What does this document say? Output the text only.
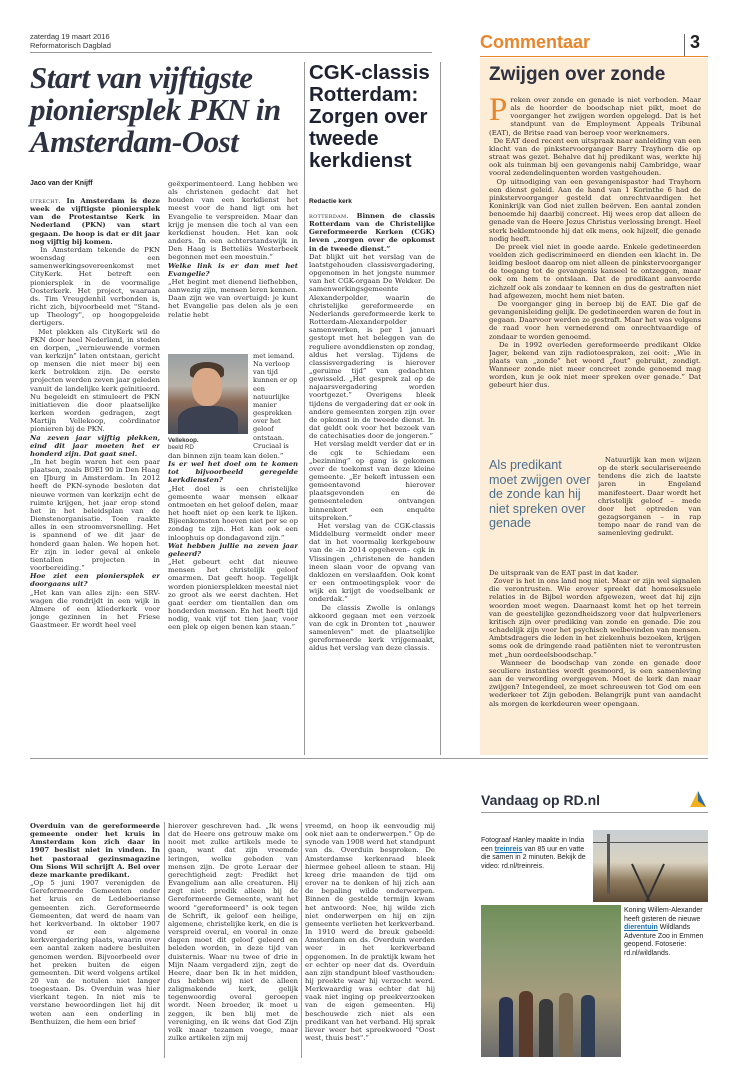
zaterdag 19 maart 2016
Reformatorisch Dagblad
Start van vijftigste pioniersplek PKN in Amsterdam-Oost
Jaco van der Knijff

utrecht. In Amsterdam is deze week de vijftigste pioniersplek van de Protestantse Kerk in Nederland (PKN) van start gegaan. De hoop is dat er dit jaar nog vijftig bij komen.

In Amsterdam tekende de PKN woensdag een samenwerkingsovereenkomst met CityKerk. Het betreft een pioniersplek in de voormalige Oosterkerk. Het project, waaraan ds. Tim Vreugdenhil verbonden is, richt zich, bijvoorbeeld met "Stand-up Theology", op hoogopgeleide dertigers.

Met plekken als CityKerk wil de PKN door heel Nederland, in steden en dorpen, „vernieuwende vormen van kerkzijn” laten ontstaan, gericht op mensen die niet meer bij een kerk betrokken zijn. De eerste projecten werden zeven jaar geleden vanuit de landelijke kerk geïnitieerd. Nu begeleidt en stimuleert de PKN initiatieven die door plaatselijke kerken worden gedragen, zegt Martijn Vellekoop, coördinator pionieren bij de PKN.

Na zeven jaar vijftig plekken, eind dit jaar moeten het er honderd zijn. Dat gaat snel.

„In het begin waren het een paar plaatsen, zoals BOEI 90 in Den Haag en IJburg in Amsterdam. In 2012 heeft de PKN-synode besloten dat nieuwe vormen van kerkzijn echt de ruimte krijgen, het jaar erop stond het in het beleidsplan van de Dienstenorganisatie. Toen raakte alles in een stroomversnelling. Het is spannend of we dit jaar de honderd gaan halen. We hopen het. Er zijn in ieder geval al enkele tientallen projecten in voorbereiding.”

Hoe ziet een pioniersplek er doorgaans uit?

„Het kan van alles zijn: een SRV-wagen die rondrijdt in een wijk in Almere of een kliederkerk voor jonge gezinnen in het Friese Gaastmeer. Er wordt heel veel

geëxperimenteerd. Lang hebben we als christenen gedacht dat het houden van een kerkdienst het meest voor de hand ligt om het Evangelie te verspreiden. Maar dan krijg je mensen die toch al van een kerkdienst houden. Het kan ook anders. In een achterstandswijk in Den Haag is Betteliës Westerbeek begonnen met een moestuin.”

Welke link is er dan met het Evangelie?

„Het begint met dienend liefhebben, aanwezig zijn, mensen leren kennen. Daan zijn we van overtuigd: je kunt het Evangelie pas delen als je een relatie hebt

Vellekoop.
beeld RD

met iemand. Na verloop van tijd kunnen er op een natuurlijke manier gesprekken over het geloof ontstaan. Cruciaal is

dan binnen zijn team kan delen.”

Is er wel het doel om te komen tot bijvoorbeeld geregelde kerkdiensten?

„Het doel is een christelijke gemeente waar mensen elkaar ontmoeten en het geloof delen, maar het hoeft niet op een kerk te lijken. Bijeenkomsten hoeven niet per se op zondag te zijn. Het kan ook een inloophuis op dondagavond zijn.”

Wat hebben jullie na zeven jaar geleerd?

„Het gebeurt echt dat nieuwe mensen het christelijk geloof omarmen. Dat geeft hoop. Tegelijk worden pioniersplekken meestal niet zo groot als we eerst dachten. Het gaat eerder om tientallen dan om honderden mensen. En het heeft tijd nodig, vaak vijf tot tien jaar, voor een plek op eigen benen kan staan.”

CGK-classis Rotterdam: Zorgen over tweede kerkdienst
Redactie kerk

rotterdam. Binnen de classis Rotterdam van de Christelijke Gereformeerde Kerken (CGK) leven „zorgen over de opkomst in de tweede dienst.”

Dat blijkt uit het verslag van de laatstgehouden classisvergadering, opgenomen in het jongste nummer van het CGK-orgaan De Wekker. De samenwerkingsgemeente Alexanderpolder, waarin de christelijke gereformeerde en Nederlands gereformeerde kerk te Rotterdam-Alexanderpolder samenwerken, is per 1 januari gestopt met het beleggen van de reguliere avonddiensten op zondag, aldus het verslag. Tijdens de classisvergadering is hierover „geruime tijd” van gedachten gewisseld. „Het gesprek zal op de najaarsvergadering worden voortgezet.” Overigens bleek tijdens de vergadering dat er ook in andere gemeenten zorgen zijn over de opkomst in de tweede dienst. In dat geldt ook voor het bezoek van de catechisaties door de jongeren.”

Het verslag meldt verder dat er in de cgk te Schiedam een „bezinning” op gang is gekomen over de toekomst van deze kleine gemeente. „Er bekeft intussen een gemeentavond hierover plaatsgevonden en de gemeenteleden ontvangen binnenkort een enquête uitspreken.”

Het verslag van de CGK-classis Middelburg vermeldt onder meer dat in het voormalig kerkgebouw van de –in 2014 opgeheven– cgk in Vlissingen „christenen de handen ineen slaan voor de opvang van daklozen en verslaafden. Ook komt er een ontmoetingsplek voor de wijk en krijgt de voedselbank er onderdak.”

De classis Zwolle is onlangs akkoord gegaan met een verzoek van de cgk in Dronten tot „nauwer samenleven” met de plaatselijke gereformeerde kerk vrijgemaakt, aldus het verslag van deze classis.

Commentaar	3
Zwijgen over zonde

Preken over zonde en genade is niet verboden. Maar als de hoorder de boodschap niet pikt, moet de voorganger het zwijgen worden opgelegd. Dat is het standpunt van de Employment Appeals Tribunal (EAT), de Britse raad van beroep voor werknemers.

De EAT deed recent een uitspraak naar aanleiding van een klacht van de pinkstervoorganger Barry Trayhorn die op straat was gezet. Behalve dat hij predikant was, werkte hij ook als tuinman bij een gevangenis nabij Cambridge, waar vooral zedendelinquenten worden vastgehouden.

Op uitnodiging van een gevangenispastor had Trayhorn een dienst geleid. Aan de hand van 1 Korinthe 6 had de pinkstervoorganger gesteld dat onrechtvaardigen het Koninkrijk van God niet zullen beërven. Een aantal zonden benoemde hij daarbij concreet. Hij wees erop dat alleen de genade van de Heere Jezus Christus verlossing brengt. Heel sterk beklemtoonde hij dat elk mens, ook hijzelf, die genade nodig heeft.

De preek viel niet in goede aarde. Enkele gedetineerden voelden zich gediscrimineerd en dienden een klacht in. De leiding besloot daarop om niet alleen de pinkstervoorganger de toegang tot de gevangenis kanseel te ontzeggen, maar ook om hem te ontslaan. Dat de predikant aanvoerde zichzelf ook als zondaar te kennen en dus de gestraften niet had afgewezen, mocht hem niet baten.

De voorganger ging in beroep bij de EAT. Die gaf de gevangenisleiding gelijk. De gedetineerden waren de fout in gegaan. Daarvoor werden ze gestraft. Maar het was volgens de raad voor hen vernederend om onrechtvaardige of zondaar te worden genoemd.

De in 1992 overleden gereformeerde predikant Okke Jager, bekend van zijn radiotoespraken, zei ooit: „Wie in plaats van „zonde” het woord „fout” gebruikt, zondigt. Wanneer zonde niet meer concreet zonde genoemd mag worden, kun je ook niet meer spreken over genade.” Dat gebeurt hier dus.

Als predikant moet zwijgen over de zonde kan hij niet spreken over genade

Natuurlijk kan men wijzen op de sterk secularisereende tendens die zich de laatste jaren in Engeland manifesteert. Daar wordt het christelijk geloof – mede door het optreden van gezagsorganen – in rap tempo naar de rand van de samenleving gedrukt.

De uitspraak van de EAT past in dat kader.

Zover is het in ons land nog niet. Maar er zijn wel signalen die verontrusten. Wie erover spreekt dat homoseksuele relaties in de Bijbel worden afgewezen, weet dat hij zijn woorden moet wegen. Daarnaast komt het op het terrein van de geestelijke gezondheidszorg voor dat hulpverleners kritisch zijn over prediking van zonde en genade. Die zou schadelijk zijn voor het psychisch welbevinden van mensen. Ambtsdragers die leden in het ziekenhuis bezoeken, krijgen soms ook de dringende raad patiënten niet te verontrusten met „hun oordeelsboodschap.”

Wanneer de boodschap van zonde en genade door seculiere instanties wordt gesmoord, is een samenleving aan de verwording overgegeven. Moet de kerk dan maar zwijgen? Integendeel, ze moet schreeuwen tot God om een wederkeer tot Zijn geboden. Belangrijk punt van aandacht als morgen de kerkdeuren weer opengaan.

Overduin van de gereformeerde gemeente onder het kruis in Amsterdam kon zich daar in 1907 beslist niet in vinden. In het pastoraal gezinsmagazine Om Sions Wil schrijft A. Bel over deze markante predikant.

„Op 5 juni 1907 verenigden de Gereformeerde Gemeenten onder het kruis en de Ledeboerianse gemeenten zich. Gereformeerde Gemeenten, dat werd de naam van het kerkverband. In oktober 1907 vond er een algemene kerkvergadering plaats, waarin over een aantal zaken nadere besluiten genomen werden. Bijvoorbeeld over het preken buiten de eigen gemeenten. Dit werd volgens artikel 20 van de notulen niet langer toegestaan. Ds. Overduin was hier vierkant tegen. In niet mis te verstane bewoordingen liet hij dit weten aan een onderling in Benthuizen, die hem een brief

hierover geschreven had. „Ik wens dat de Heere ons getrouw make om nooit met zulke artikels mede te gaan, want dat zijn vreemde leringen, welke geboden van mensen zijn. De grote Leraar der gerechtigheid zegt: Predikt het Evangelium aan alle creaturen. Hij zegt niet: predik alleen bij de Gereformeerde Gemeente, want het woord "gereformeerd" is ook tegen de Schrift, ik geloof een heilige, algemene, christelijke kerk, en die is verspreid overal, en vooral in onze dagen moet dit geloof geleerd en beleden worden, in deze tijd van duisternis. Waar nu twee of drie in Mijn Naam vergaderd zijn, zegt de Heere, daar ben Ik in het midden, dus hebben wij niet de alleen zaligmakende kerk, gelijk tegenwoordig overal geroepen wordt. Neen broeder, ik moet u zeggen, ik ben blij met de vereniging, en ik wens dat God Zijn volk maar tezamen voege, maar zulke artikelen zijn mij

vreemd, en hoop ik eenvoudig mij ook niet aan te onderwerpen.” Op de synode van 1908 werd het standpunt van ds. Overduin besproken. De Amsterdamse kerkenraad bleek hiermee geheel alleen te staan. Hij kreeg drie maanden de tijd om erover na te denken of hij zich aan de bepaling wilde onderwerpen. Binnen de gestelde termijn kwam het antwoord: Nee, hij wilde zich niet onderwerpen en hij en zijn gemeente verlieten het kerkverband. In 1910 werd de breuk gebeeld: Amsterdam en ds. Overduin werden weer in het kerkverband opgenomen. In de praktijk kwam het er echter op neer dat ds. Overduin aan zijn standpunt bleef vasthouden: hij preekte waar hij verzocht werd. Merkwaardig was echter dat hij vaak niet inging op preekverzoeken van de eigen gemeenten. Hij beschouwde zich niet als een predikant van het verband. Hij sprak liever weer het spreekwoord "Oost west, thuis best".”

Vandaag op RD.nl
Fotograaf Hanley maakte in India een treinreis van 85 uur en vatte die samen in 2 minuten. Bekijk de video: rd.nl/treinreis.
Koning Willem-Alexander heeft gisteren de nieuwe dierentuin Wildlands Adventure Zoo in Emmen geopend. Fotoserie: rd.nl/wildlands.
